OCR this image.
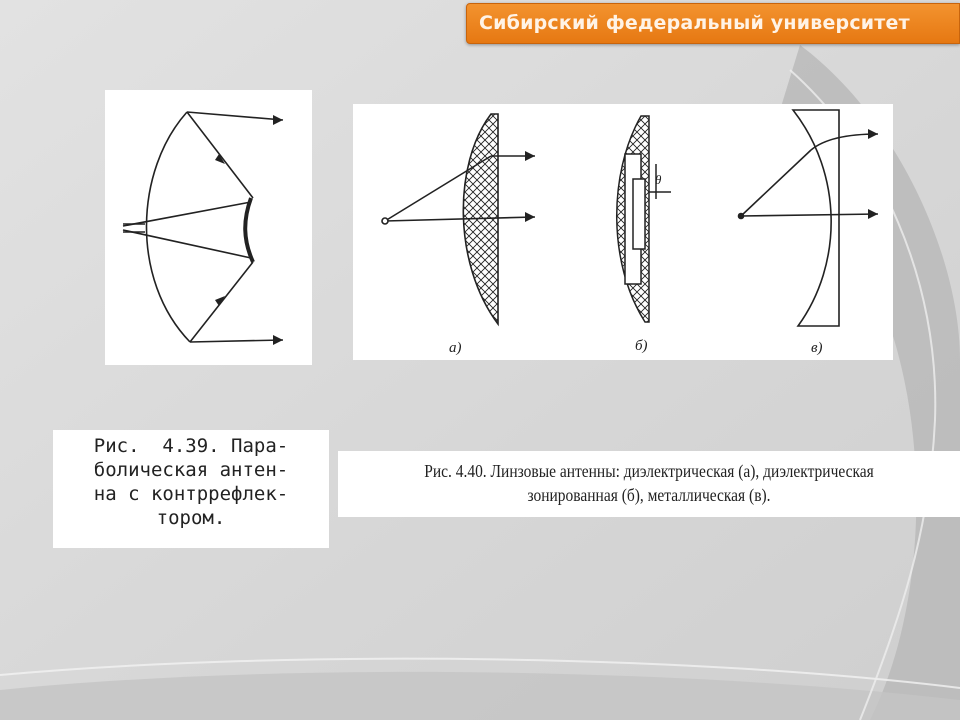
Сибирский федеральный университет
θ
а)	б)	в)
Рис.  4.39. Пара-
болическая антен-
на с контррефлек-
тором.
Рис. 4.40. Линзовые антенны: диэлектрическая (а), диэлектрическая
зонированная (б), металлическая (в).
